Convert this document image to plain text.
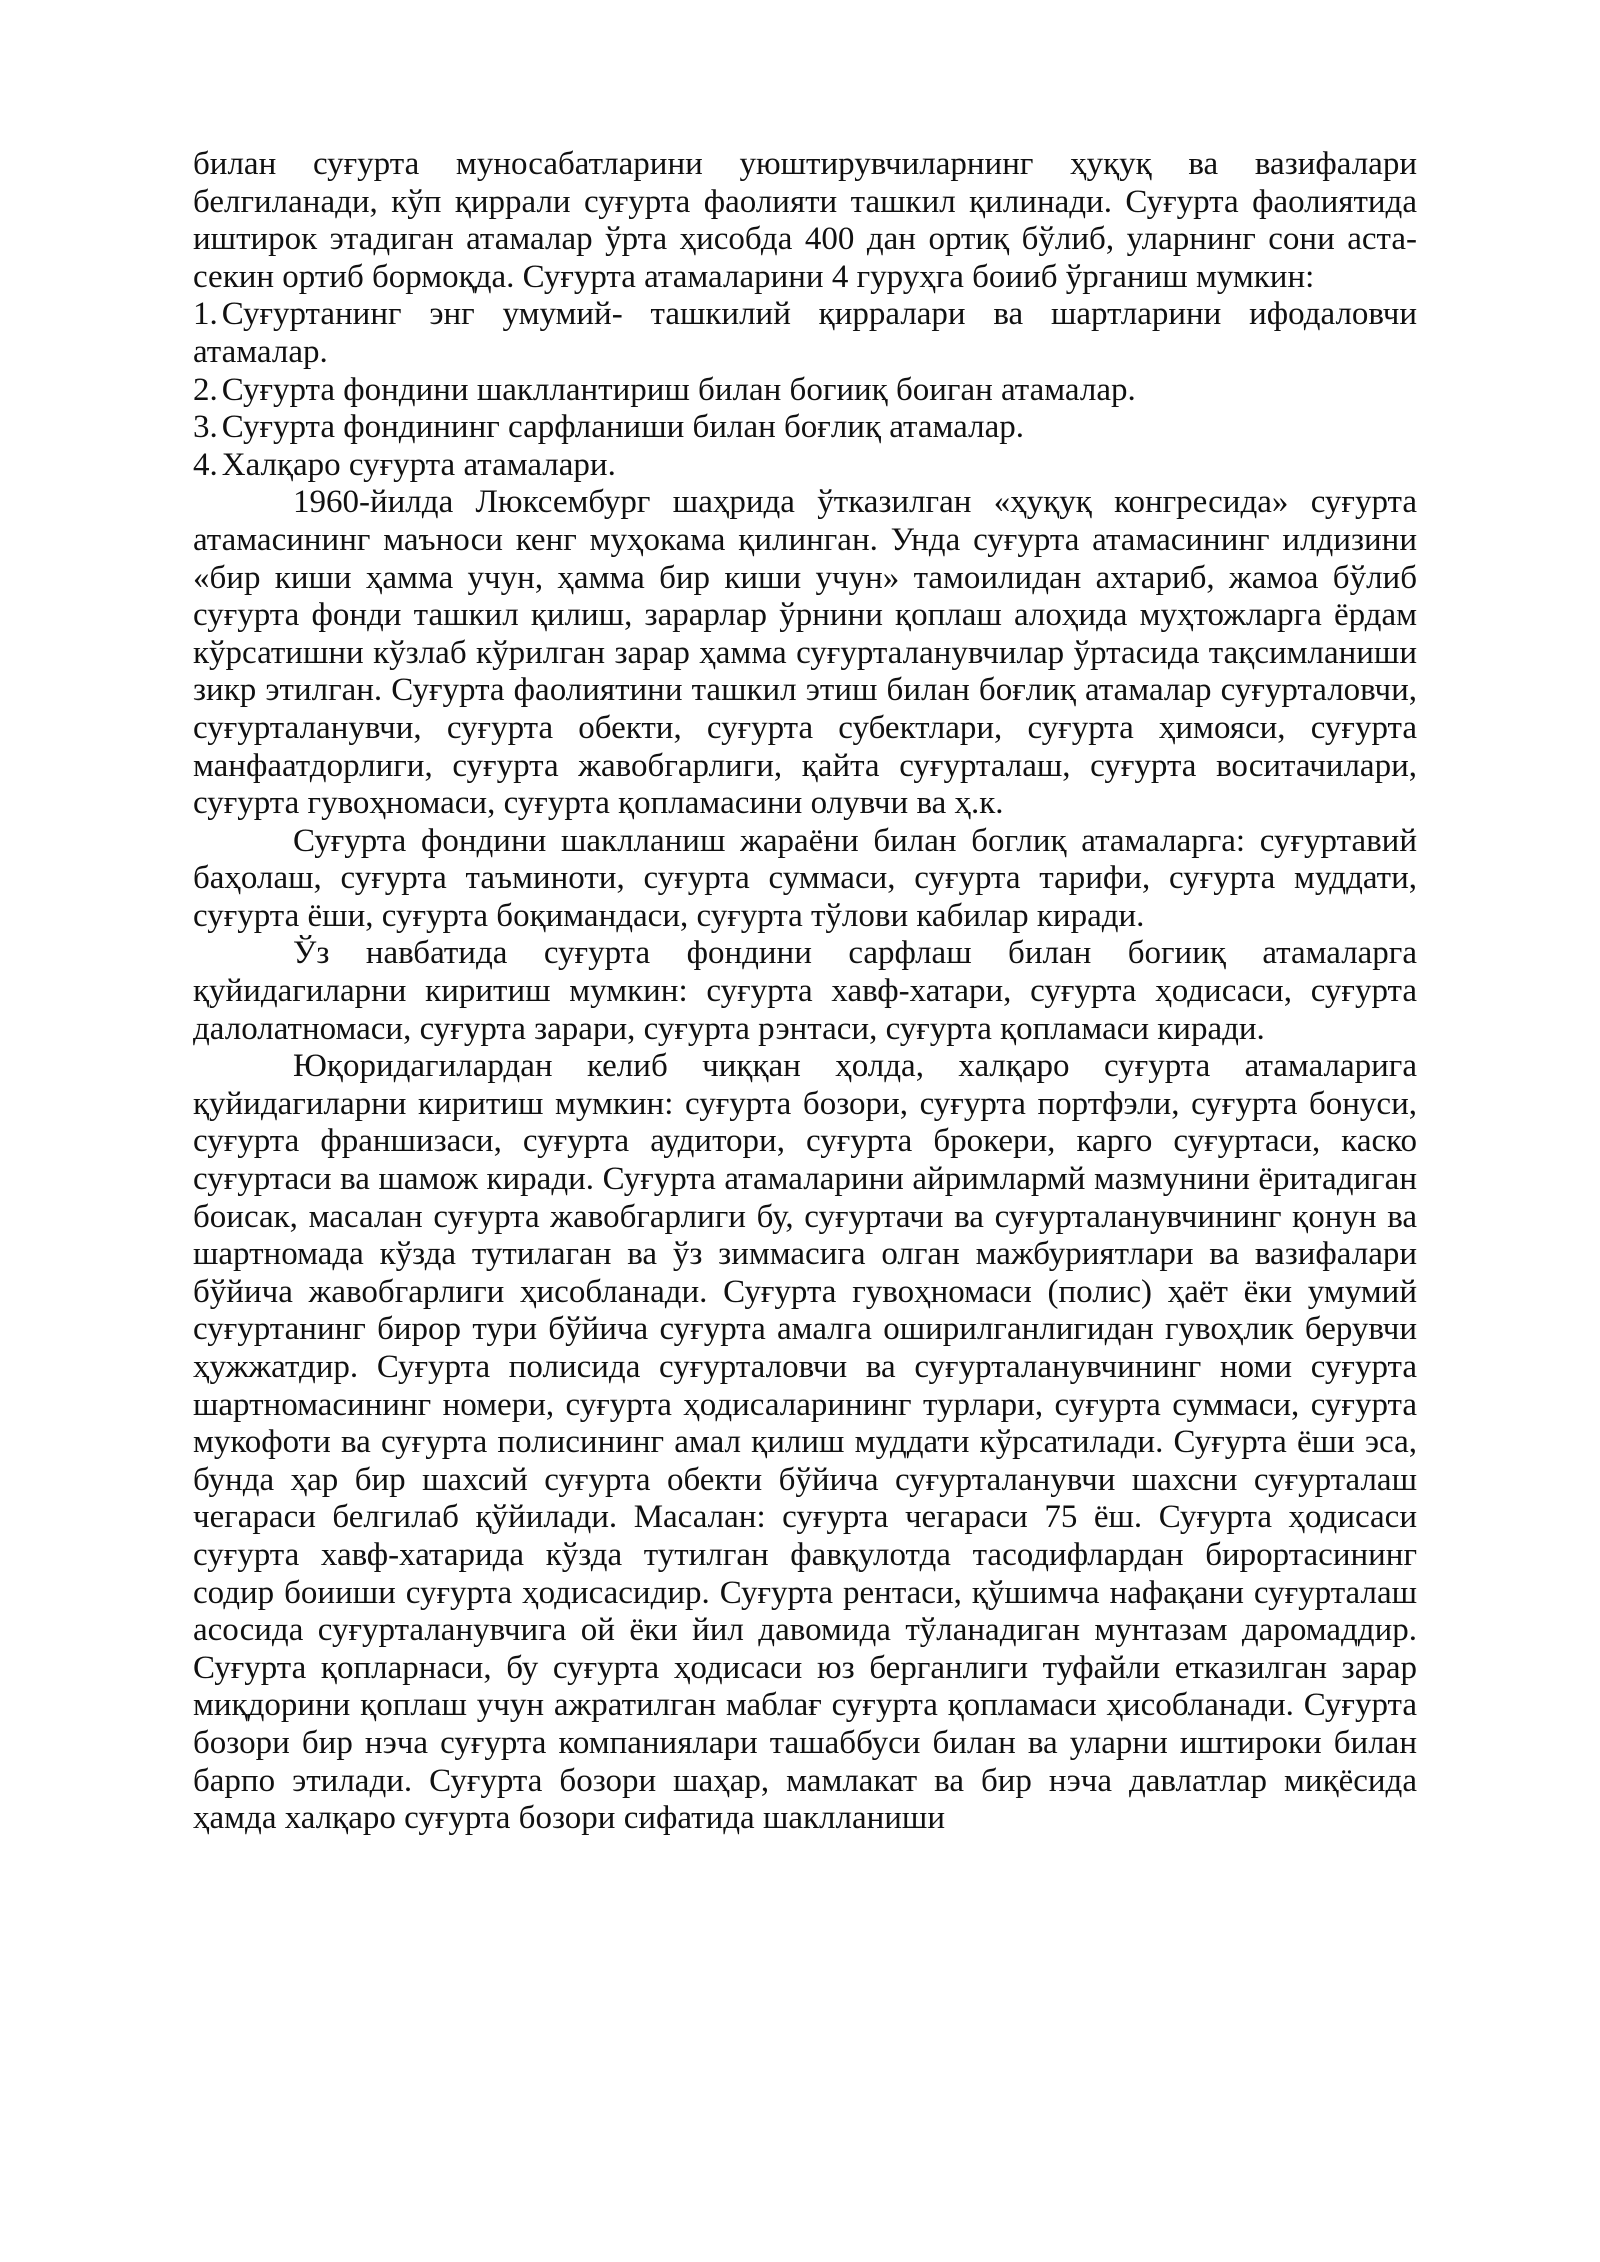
билан суғурта муносабатларини уюштирувчиларнинг ҳуқуқ ва вазифалари белгиланади, кўп қиррали суғурта фаолияти ташкил қилинади. Суғурта фаолиятида иштирок этадиган атамалар ўрта ҳисобда 400 дан ортиқ бўлиб, уларнинг сони аста-секин ортиб бормоқда. Суғурта атамаларини 4 гуруҳга боииб ўрганиш мумкин:

1. Суғуртанинг энг умумий- ташкилий қирралари ва шартларини ифодаловчи атамалар.
2. Суғурта фондини шакллантириш билан богииқ боиган атамалар.
3. Суғурта фондининг сарфланиши билан боғлиқ атамалар.
4. Халқаро суғурта атамалари.

1960-йилда Люксембург шаҳрида ўтказилган «ҳуқуқ конгресида» суғурта атамасининг маъноси кенг муҳокама қилинган. Унда суғурта атамасининг илдизини «бир киши ҳамма учун, ҳамма бир киши учун» тамоилидан ахтариб, жамоа бўлиб суғурта фонди ташкил қилиш, зарарлар ўрнини қоплаш алоҳида муҳтожларга ёрдам кўрсатишни кўзлаб кўрилган зарар ҳамма суғурталанувчилар ўртасида тақсимланиши зикр этилган. Суғурта фаолиятини ташкил этиш билан боғлиқ атамалар суғурталовчи, суғурталанувчи, суғурта обекти, суғурта субектлари, суғурта ҳимояси, суғурта манфаатдорлиги, суғурта жавобгарлиги, қайта суғурталаш, суғурта воситачилари, суғурта гувоҳномаси, суғурта қопламасини олувчи ва ҳ.к.

Суғурта фондини шаклланиш жараёни билан боглиқ атамаларга: суғуртавий баҳолаш, суғурта таъминоти, суғурта суммаси, суғурта тарифи, суғурта муддати, суғурта ёши, суғурта боқимандаси, суғурта тўлови кабилар киради.

Ўз навбатида суғурта фондини сарфлаш билан богииқ атамаларга қуйидагиларни киритиш мумкин: суғурта хавф-хатари, суғурта ҳодисаси, суғурта далолатномаси, суғурта зарари, суғурта рэнтаси, суғурта қопламаси киради.

Юқоридагилардан келиб чиққан ҳолда, халқаро суғурта атамаларига қуйидагиларни киритиш мумкин: суғурта бозори, суғурта портфэли, суғурта бонуси, суғурта франшизаси, суғурта аудитори, суғурта брокери, карго суғуртаси, каско суғуртаси ва шамож киради. Суғурта атамаларини айримлармй мазмунини ёритадиган боисак, масалан суғурта жавобгарлиги бу, суғуртачи ва суғурталанувчининг қонун ва шартномада кўзда тутилаган ва ўз зиммасига олган мажбуриятлари ва вазифалари бўйича жавобгарлиги ҳисобланади. Суғурта гувоҳномаси (полис) ҳаёт ёки умумий суғуртанинг бирор тури бўйича суғурта амалга оширилганлигидан гувоҳлик берувчи ҳужжатдир. Суғурта полисида суғурталовчи ва суғурталанувчининг номи суғурта шартномасининг номери, суғурта ҳодисаларининг турлари, суғурта суммаси, суғурта мукофоти ва суғурта полисининг амал қилиш муддати кўрсатилади. Суғурта ёши эса, бунда ҳар бир шахсий суғурта обекти бўйича суғурталанувчи шахсни суғурталаш чегараси белгилаб қўйилади. Масалан: суғурта чегараси 75 ёш. Суғурта ҳодисаси суғурта хавф-хатарида кўзда тутилган фавқулотда тасодифлардан бирортасининг содир боииши суғурта ҳодисасидир. Суғурта рентаси, қўшимча нафақани суғурталаш асосида суғурталанувчига ой ёки йил давомида тўланадиган мунтазам даромаддир. Суғурта қопларнаси, бу суғурта ҳодисаси юз берганлиги туфайли етказилган зарар миқдорини қоплаш учун ажратилган маблағ суғурта қопламаси ҳисобланади. Суғурта бозори бир нэча суғурта компаниялари ташаббуси билан ва уларни иштироки билан барпо этилади. Суғурта бозори шаҳар, мамлакат ва бир нэча давлатлар миқёсида ҳамда халқаро суғурта бозори сифатида шаклланиши
